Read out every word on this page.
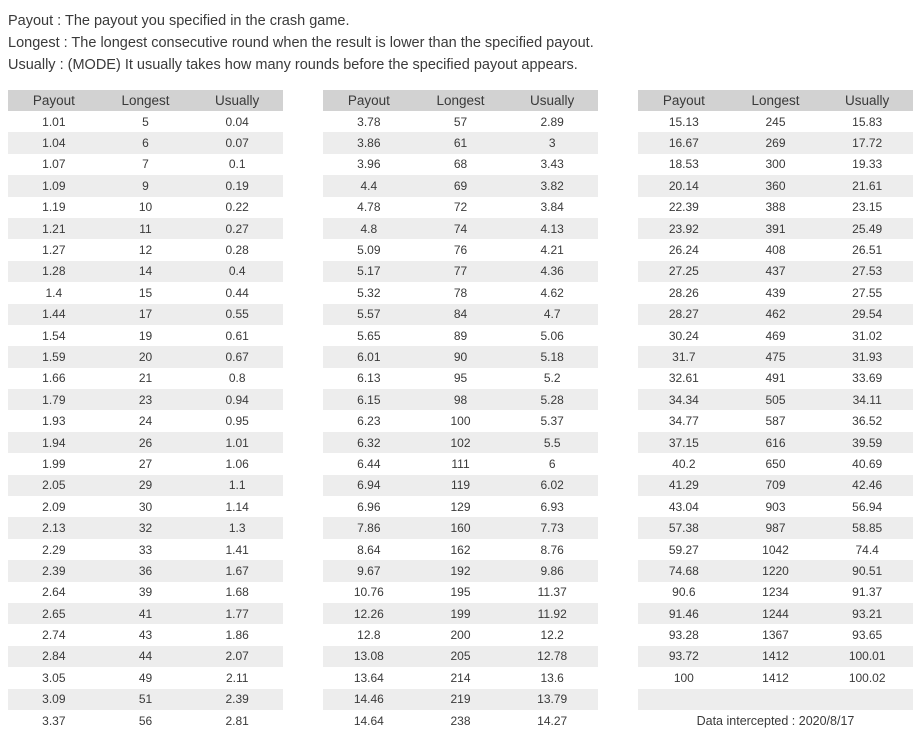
Payout : The payout you specified in the crash game.
Longest : The longest consecutive round when the result is lower than the specified payout.
Usually : (MODE) It usually takes how many rounds before the specified payout appears.
Payout	Longest	Usually
1.01	5	0.04
1.04	6	0.07
1.07	7	0.1
1.09	9	0.19
1.19	10	0.22
1.21	11	0.27
1.27	12	0.28
1.28	14	0.4
1.4	15	0.44
1.44	17	0.55
1.54	19	0.61
1.59	20	0.67
1.66	21	0.8
1.79	23	0.94
1.93	24	0.95
1.94	26	1.01
1.99	27	1.06
2.05	29	1.1
2.09	30	1.14
2.13	32	1.3
2.29	33	1.41
2.39	36	1.67
2.64	39	1.68
2.65	41	1.77
2.74	43	1.86
2.84	44	2.07
3.05	49	2.11
3.09	51	2.39
3.37	56	2.81
Payout	Longest	Usually
3.78	57	2.89
3.86	61	3
3.96	68	3.43
4.4	69	3.82
4.78	72	3.84
4.8	74	4.13
5.09	76	4.21
5.17	77	4.36
5.32	78	4.62
5.57	84	4.7
5.65	89	5.06
6.01	90	5.18
6.13	95	5.2
6.15	98	5.28
6.23	100	5.37
6.32	102	5.5
6.44	111	6
6.94	119	6.02
6.96	129	6.93
7.86	160	7.73
8.64	162	8.76
9.67	192	9.86
10.76	195	11.37
12.26	199	11.92
12.8	200	12.2
13.08	205	12.78
13.64	214	13.6
14.46	219	13.79
14.64	238	14.27
Payout	Longest	Usually
15.13	245	15.83
16.67	269	17.72
18.53	300	19.33
20.14	360	21.61
22.39	388	23.15
23.92	391	25.49
26.24	408	26.51
27.25	437	27.53
28.26	439	27.55
28.27	462	29.54
30.24	469	31.02
31.7	475	31.93
32.61	491	33.69
34.34	505	34.11
34.77	587	36.52
37.15	616	39.59
40.2	650	40.69
41.29	709	42.46
43.04	903	56.94
57.38	987	58.85
59.27	1042	74.4
74.68	1220	90.51
90.6	1234	91.37
91.46	1244	93.21
93.28	1367	93.65
93.72	1412	100.01
100	1412	100.02
Data intercepted : 2020/8/17
